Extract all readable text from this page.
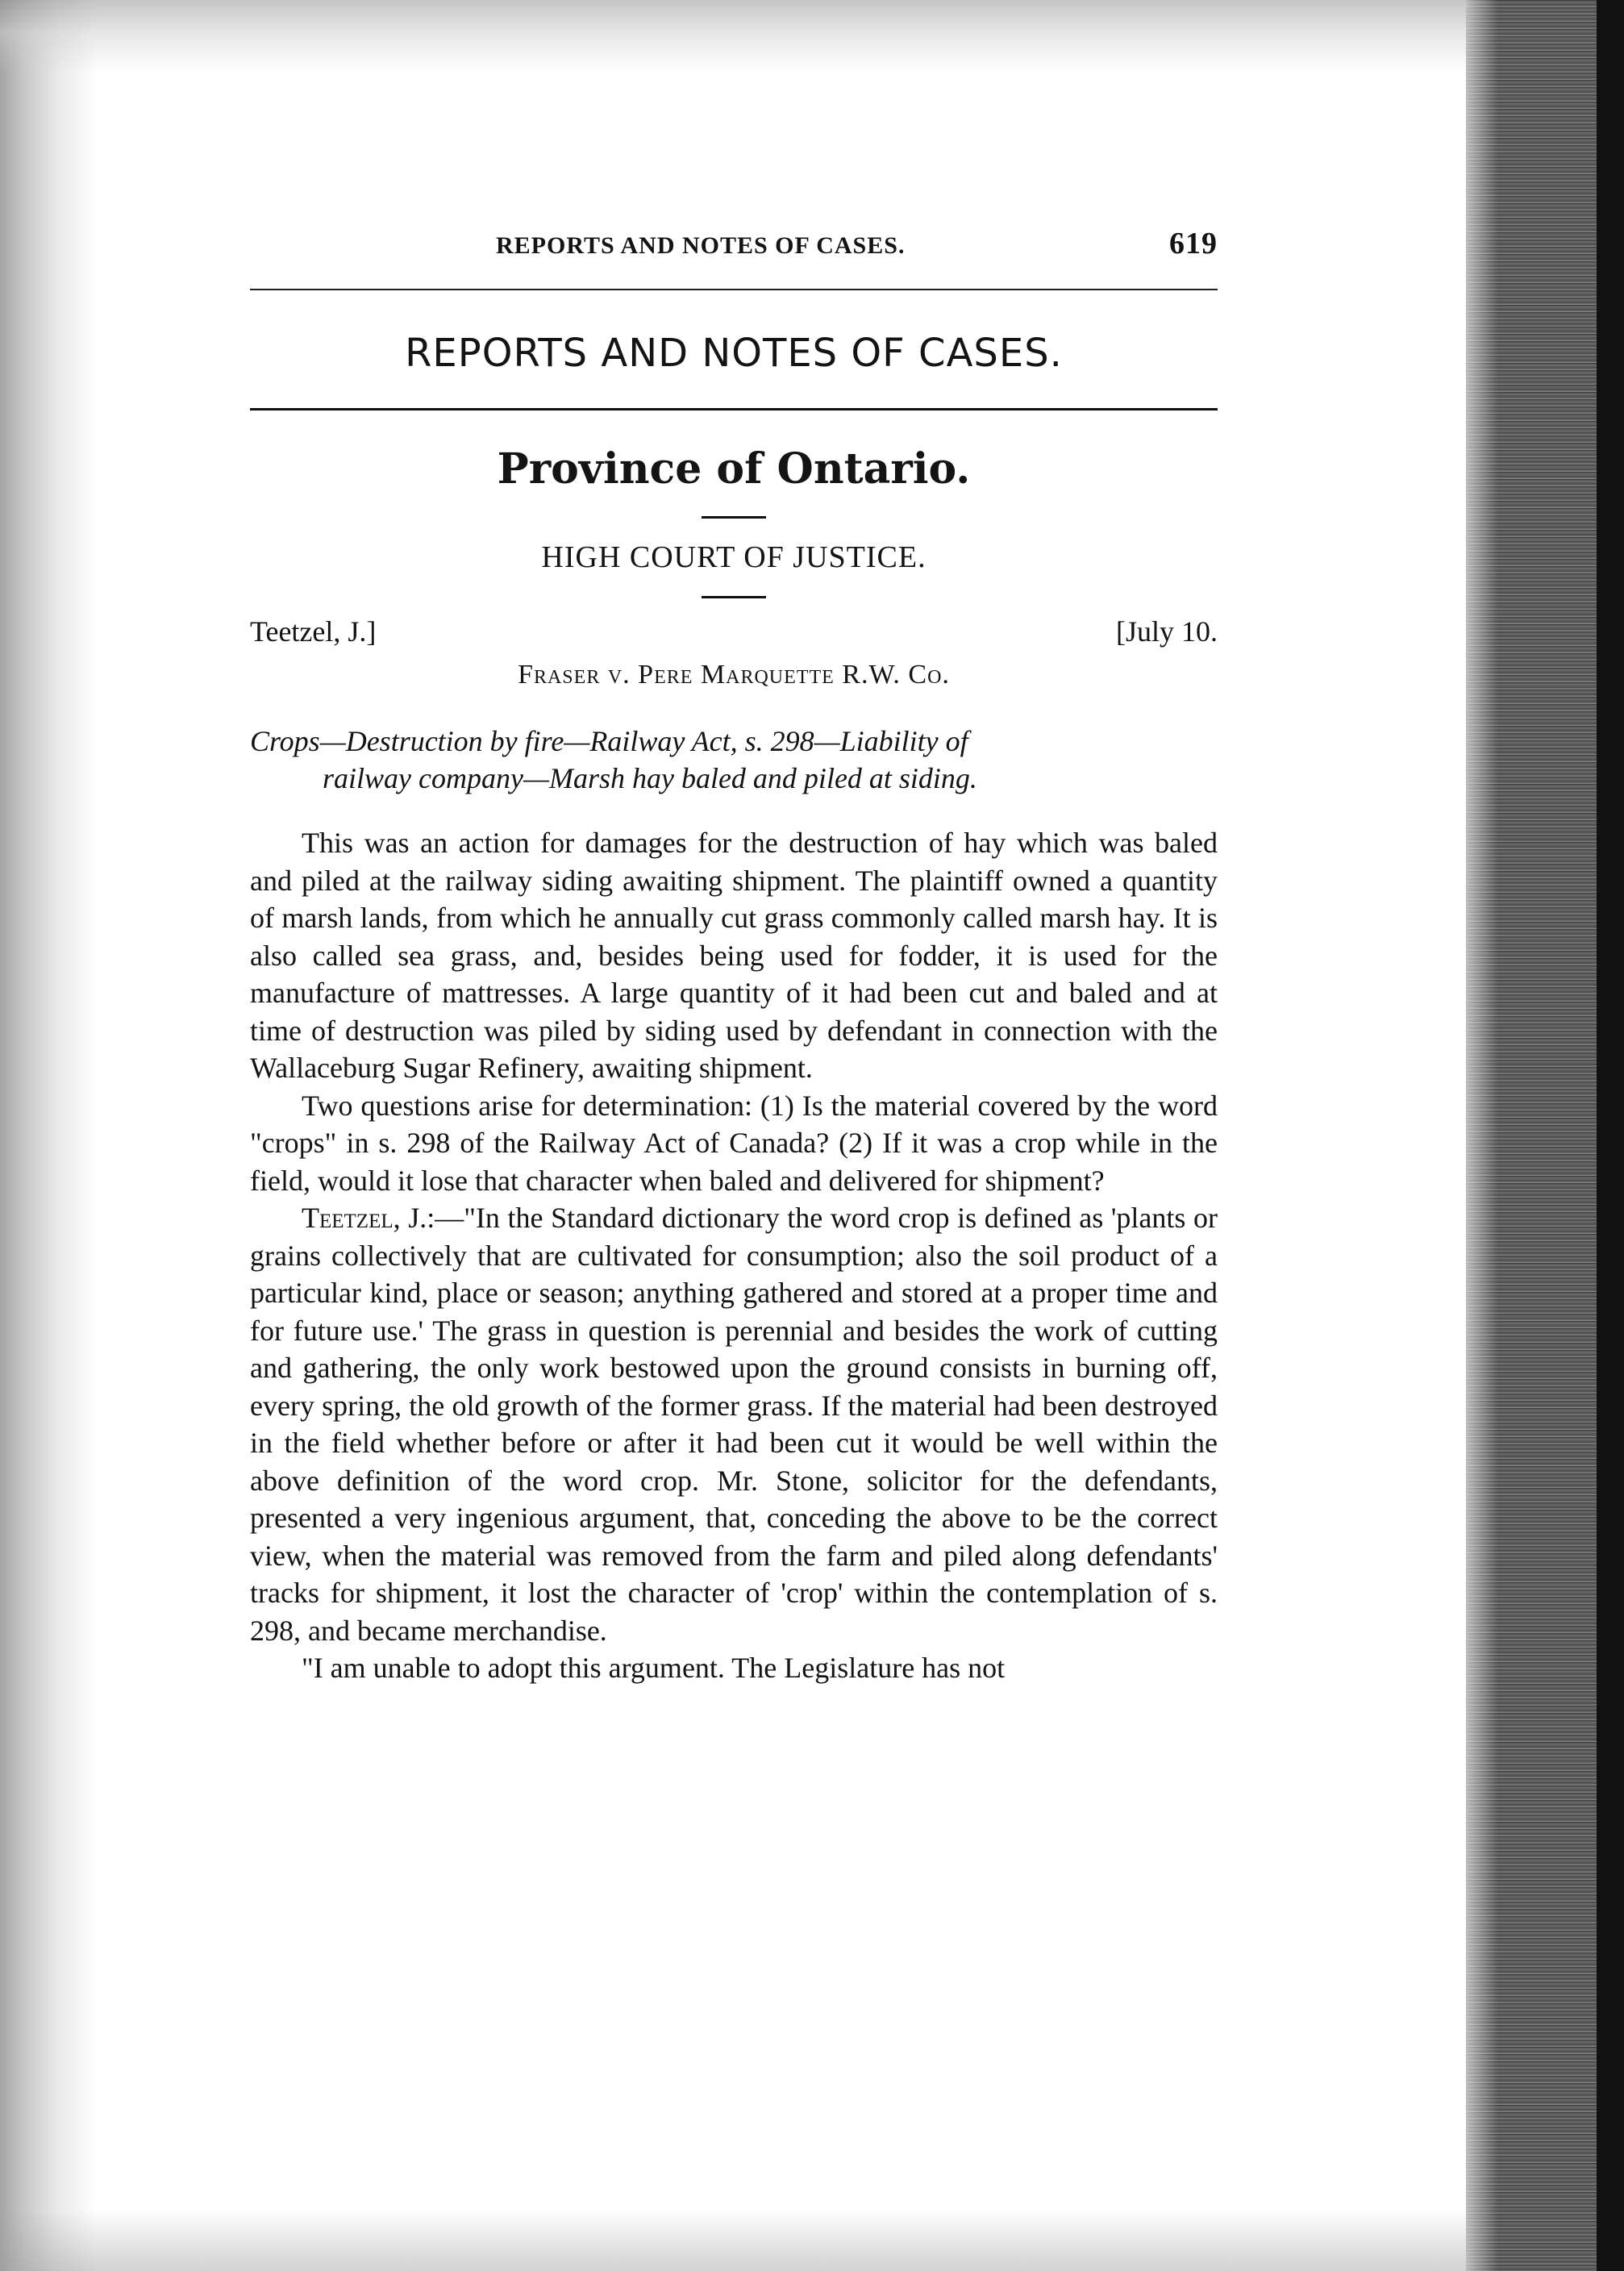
REPORTS AND NOTES OF CASES.	619
REPORTS AND NOTES OF CASES.
Province of Ontario.
HIGH COURT OF JUSTICE.
Teetzel, J.]	[July 10.
Fraser v. Pere Marquette R.W. Co.
Crops—Destruction by fire—Railway Act, s. 298—Liability of
railway company—Marsh hay baled and piled at siding.

This was an action for damages for the destruction of hay which was baled and piled at the railway siding awaiting shipment. The plaintiff owned a quantity of marsh lands, from which he annually cut grass commonly called marsh hay. It is also called sea grass, and, besides being used for fodder, it is used for the manufacture of mattresses. A large quantity of it had been cut and baled and at time of destruction was piled by siding used by defendant in connection with the Wallaceburg Sugar Refinery, awaiting shipment.

Two questions arise for determination: (1) Is the material covered by the word "crops" in s. 298 of the Railway Act of Canada? (2) If it was a crop while in the field, would it lose that character when baled and delivered for shipment?

Teetzel, J.:—"In the Standard dictionary the word crop is defined as 'plants or grains collectively that are cultivated for consumption; also the soil product of a particular kind, place or season; anything gathered and stored at a proper time and for future use.' The grass in question is perennial and besides the work of cutting and gathering, the only work bestowed upon the ground consists in burning off, every spring, the old growth of the former grass. If the material had been destroyed in the field whether before or after it had been cut it would be well within the above definition of the word crop. Mr. Stone, solicitor for the defendants, presented a very ingenious argument, that, conceding the above to be the correct view, when the material was removed from the farm and piled along defendants' tracks for shipment, it lost the character of 'crop' within the contemplation of s. 298, and became merchandise.

"I am unable to adopt this argument. The Legislature has not
